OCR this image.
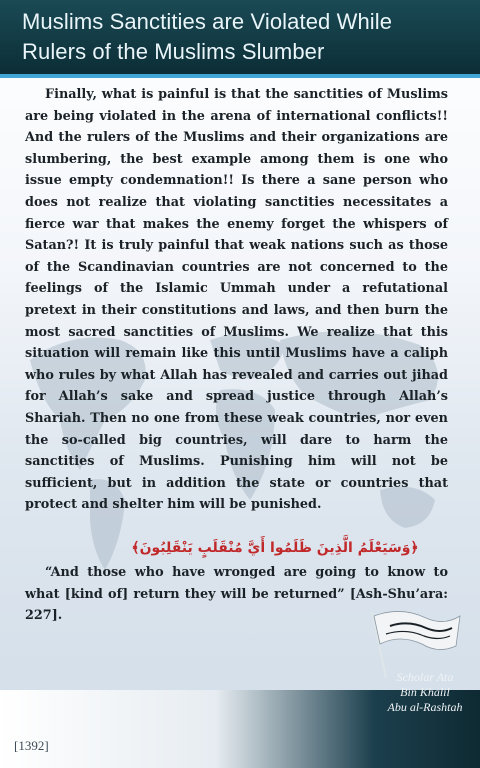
Muslims Sanctities are Violated While Rulers of the Muslims Slumber
Finally, what is painful is that the sanctities of Muslims are being violated in the arena of international conflicts!! And the rulers of the Muslims and their organizations are slumbering, the best example among them is one who issue empty condemnation!! Is there a sane person who does not realize that violating sanctities necessitates a fierce war that makes the enemy forget the whispers of Satan?! It is truly painful that weak nations such as those of the Scandinavian countries are not concerned to the feelings of the Islamic Ummah under a refutational pretext in their constitutions and laws, and then burn the most sacred sanctities of Muslims. We realize that this situation will remain like this until Muslims have a caliph who rules by what Allah has revealed and carries out jihad for Allah’s sake and spread justice through Allah’s Shariah. Then no one from these weak countries, nor even the so-called big countries, will dare to harm the sanctities of Muslims. Punishing him will not be sufficient, but in addition the state or countries that protect and shelter him will be punished.
﴿وَسَيَعْلَمُ الَّذِينَ ظَلَمُوا أَيَّ مُنْقَلَبٍ يَنْقَلِبُونَ﴾
“And those who have wronged are going to know to what [kind of] return they will be returned” [Ash-Shu’ara: 227].
Scholar Ata
Bin Khalil
Abu al-Rashtah
[1392]
